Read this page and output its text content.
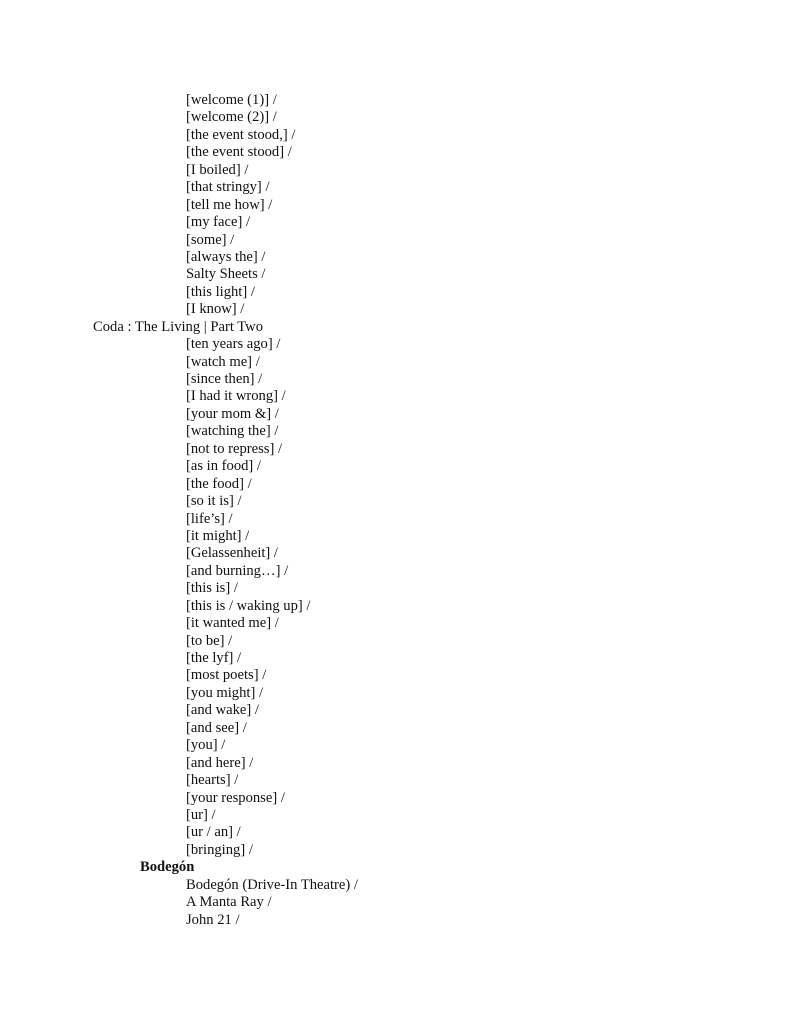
[welcome (1)] /
[welcome (2)] /
[the event stood,] /
[the event stood] /
[I boiled] /
[that stringy] /
[tell me how] /
[my face] /
[some] /
[always the] /
Salty Sheets /
[this light] /
[I know] /
Coda : The Living | Part Two
[ten years ago] /
[watch me] /
[since then] /
[I had it wrong] /
[your mom &] /
[watching the] /
[not to repress] /
[as in food] /
[the food] /
[so it is] /
[life’s] /
[it might] /
[Gelassenheit] /
[and burning…] /
[this is] /
[this is / waking up] /
[it wanted me] /
[to be] /
[the lyf] /
[most poets] /
[you might] /
[and wake] /
[and see] /
[you] /
[and here] /
[hearts] /
[your response] /
[ur] /
[ur / an] /
[bringing] /
Bodegón
Bodegón (Drive-In Theatre) /
A Manta Ray /
John 21 /
